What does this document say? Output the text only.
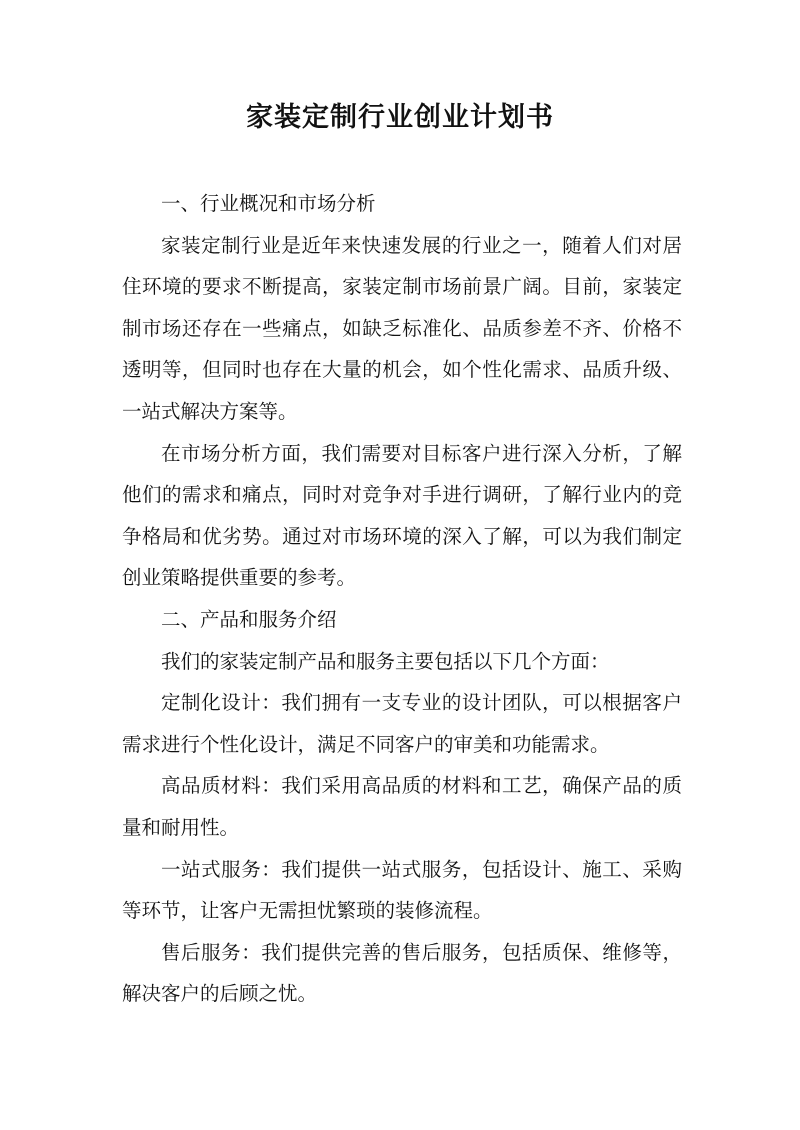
家装定制行业创业计划书

一、行业概况和市场分析

家装定制行业是近年来快速发展的行业之一，随着人们对居住环境的要求不断提高，家装定制市场前景广阔。目前，家装定制市场还存在一些痛点，如缺乏标准化、品质参差不齐、价格不透明等，但同时也存在大量的机会，如个性化需求、品质升级、一站式解决方案等。

在市场分析方面，我们需要对目标客户进行深入分析，了解他们的需求和痛点，同时对竞争对手进行调研，了解行业内的竞争格局和优劣势。通过对市场环境的深入了解，可以为我们制定创业策略提供重要的参考。

二、产品和服务介绍

我们的家装定制产品和服务主要包括以下几个方面：

定制化设计：我们拥有一支专业的设计团队，可以根据客户需求进行个性化设计，满足不同客户的审美和功能需求。

高品质材料：我们采用高品质的材料和工艺，确保产品的质量和耐用性。

一站式服务：我们提供一站式服务，包括设计、施工、采购等环节，让客户无需担忧繁琐的装修流程。

售后服务：我们提供完善的售后服务，包括质保、维修等，解决客户的后顾之忧。
